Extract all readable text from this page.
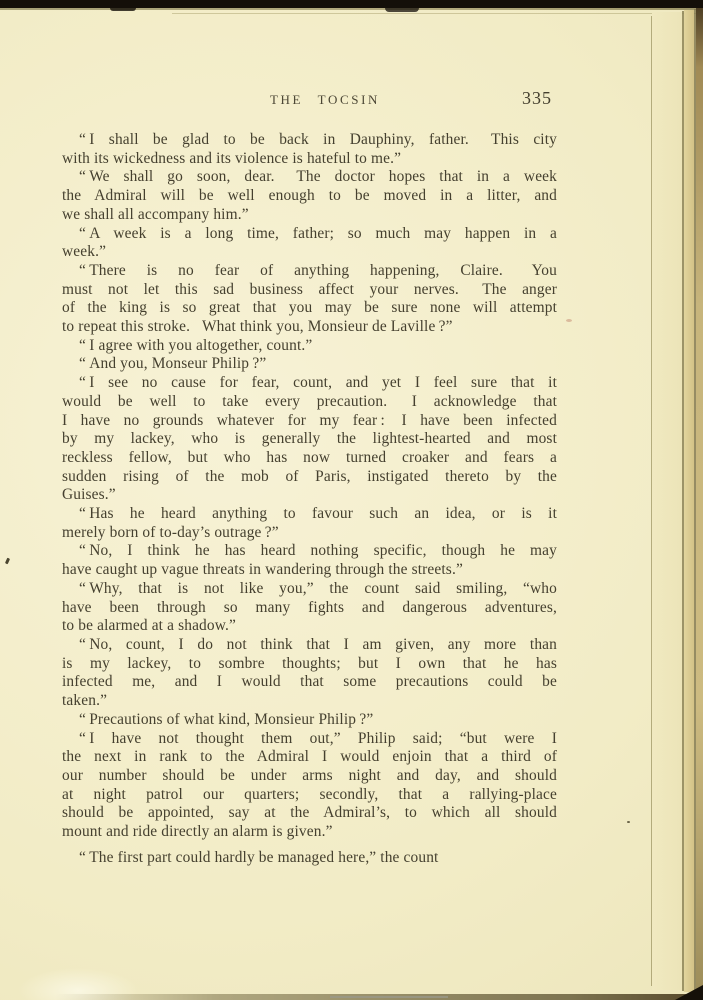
THE TOCSIN	335

“ I shall be glad to be back in Dauphiny, father.  This city
with its wickedness and its violence is hateful to me.”

“ We shall go soon, dear.  The doctor hopes that in a week
the Admiral will be well enough to be moved in a litter, and
we shall all accompany him.”

“ A week is a long time, father; so much may happen in a
week.”

“ There is no fear of anything happening, Claire.  You
must not let this sad business affect your nerves.  The anger
of the king is so great that you may be sure none will attempt
to repeat this stroke.  What think you, Monsieur de Laville ?”

“ I agree with you altogether, count.”

“ And you, Monseur Philip ?”

“ I see no cause for fear, count, and yet I feel sure that it
would be well to take every precaution.  I acknowledge that
I have no grounds whatever for my fear :  I have been infected
by my lackey, who is generally the lightest-hearted and most
reckless fellow, but who has now turned croaker and fears a
sudden rising of the mob of Paris, instigated thereto by the
Guises.”

“ Has he heard anything to favour such an idea, or is it
merely born of to-day’s outrage ?”

“ No, I think he has heard nothing specific, though he may
have caught up vague threats in wandering through the streets.”

“ Why, that is not like you,” the count said smiling, “who
have been through so many fights and dangerous adventures,
to be alarmed at a shadow.”

“ No, count, I do not think that I am given, any more than
is my lackey, to sombre thoughts; but I own that he has
infected me, and I would that some precautions could be
taken.”

“ Precautions of what kind, Monsieur Philip ?”

“ I have not thought them out,” Philip said; “but were I
the next in rank to the Admiral I would enjoin that a third of
our number should be under arms night and day, and should
at night patrol our quarters; secondly, that a rallying-place
should be appointed, say at the Admiral’s, to which all should
mount and ride directly an alarm is given.”

“ The first part could hardly be managed here,” the count
